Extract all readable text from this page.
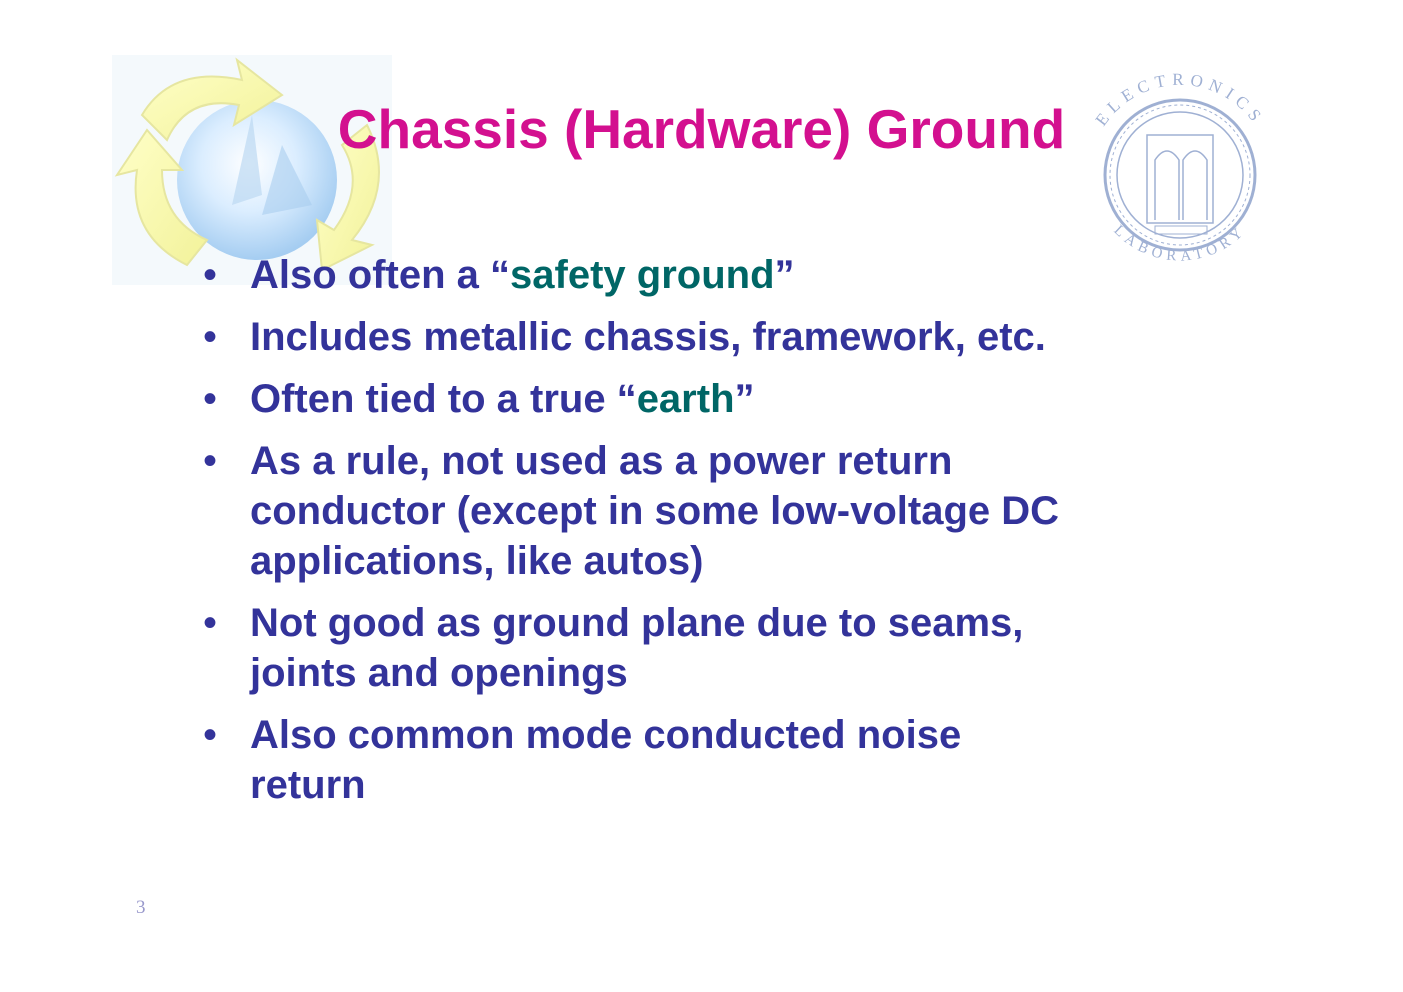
ELECTRONICS
LABORATORY
Chassis (Hardware) Ground
• Also often a “safety ground”
• Includes metallic chassis, framework, etc.
• Often tied to a true “earth”
• As a rule, not used as a power return
conductor (except in some low-voltage DC
applications, like autos)
• Not good as ground plane due to seams,
joints and openings
• Also common mode conducted noise
return
3
